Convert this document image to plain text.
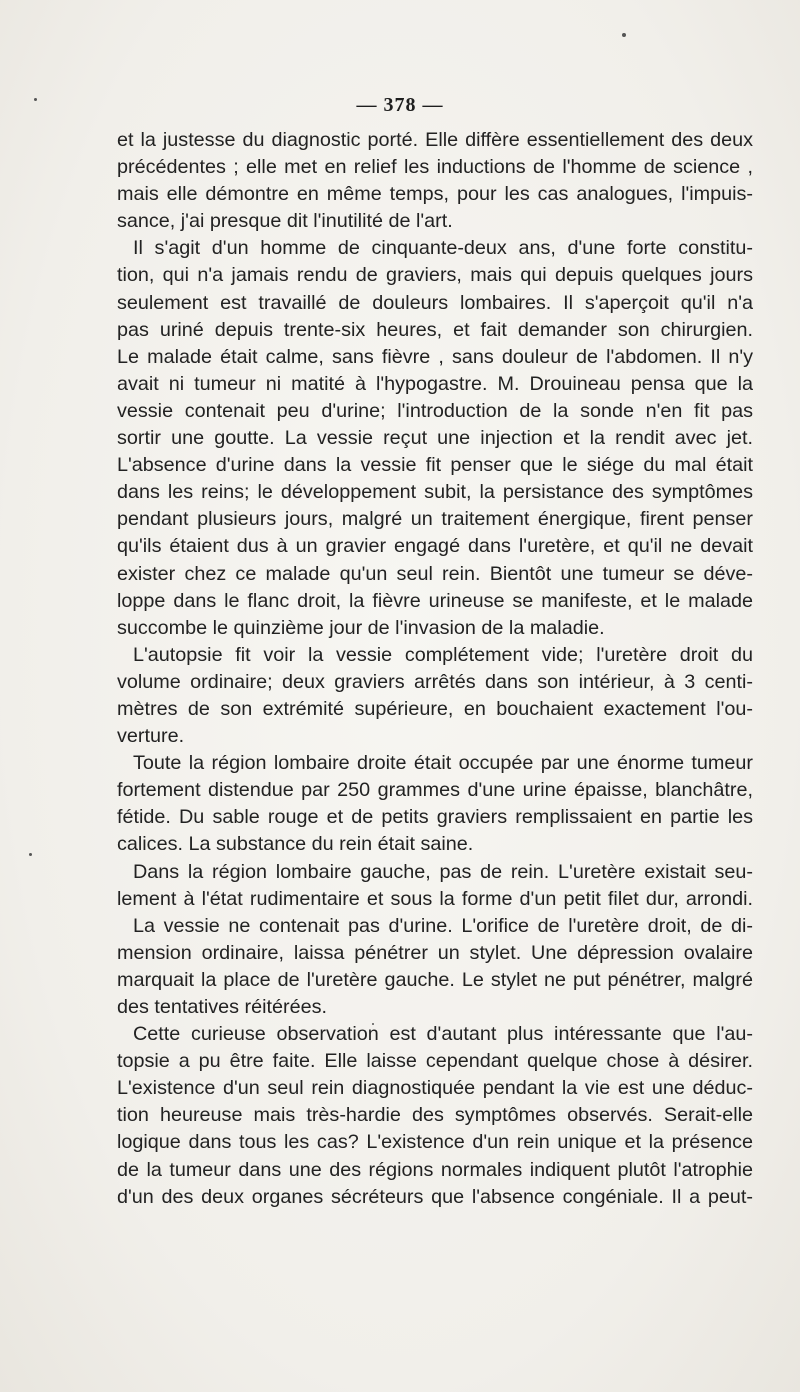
— 378 —

et la justesse du diagnostic porté. Elle diffère essentiellement des deux
précédentes ; elle met en relief les inductions de l'homme de science ,
mais elle démontre en même temps, pour les cas analogues, l'impuis-
sance, j'ai presque dit l'inutilité de l'art.

Il s'agit d'un homme de cinquante-deux ans, d'une forte constitu-
tion, qui n'a jamais rendu de graviers, mais qui depuis quelques jours
seulement est travaillé de douleurs lombaires. Il s'aperçoit qu'il n'a
pas uriné depuis trente-six heures, et fait demander son chirurgien.
Le malade était calme, sans fièvre , sans douleur de l'abdomen. Il n'y
avait ni tumeur ni matité à l'hypogastre. M. Drouineau pensa que la
vessie contenait peu d'urine; l'introduction de la sonde n'en fit pas
sortir une goutte. La vessie reçut une injection et la rendit avec jet.
L'absence d'urine dans la vessie fit penser que le siége du mal était
dans les reins; le développement subit, la persistance des symptômes
pendant plusieurs jours, malgré un traitement énergique, firent penser
qu'ils étaient dus à un gravier engagé dans l'uretère, et qu'il ne devait
exister chez ce malade qu'un seul rein. Bientôt une tumeur se déve-
loppe dans le flanc droit, la fièvre urineuse se manifeste, et le malade
succombe le quinzième jour de l'invasion de la maladie.

L'autopsie fit voir la vessie complétement vide; l'uretère droit du
volume ordinaire; deux graviers arrêtés dans son intérieur, à 3 centi-
mètres de son extrémité supérieure, en bouchaient exactement l'ou-
verture.

Toute la région lombaire droite était occupée par une énorme tumeur
fortement distendue par 250 grammes d'une urine épaisse, blanchâtre,
fétide. Du sable rouge et de petits graviers remplissaient en partie les
calices. La substance du rein était saine.

Dans la région lombaire gauche, pas de rein. L'uretère existait seu-
lement à l'état rudimentaire et sous la forme d'un petit filet dur, arrondi.

La vessie ne contenait pas d'urine. L'orifice de l'uretère droit, de di-
mension ordinaire, laissa pénétrer un stylet. Une dépression ovalaire
marquait la place de l'uretère gauche. Le stylet ne put pénétrer, malgré
des tentatives réitérées.

Cette curieuse observation est d'autant plus intéressante que l'au-
topsie a pu être faite. Elle laisse cependant quelque chose à désirer.
L'existence d'un seul rein diagnostiquée pendant la vie est une déduc-
tion heureuse mais très-hardie des symptômes observés. Serait-elle
logique dans tous les cas? L'existence d'un rein unique et la présence
de la tumeur dans une des régions normales indiquent plutôt l'atrophie
d'un des deux organes sécréteurs que l'absence congéniale. Il a peut-
